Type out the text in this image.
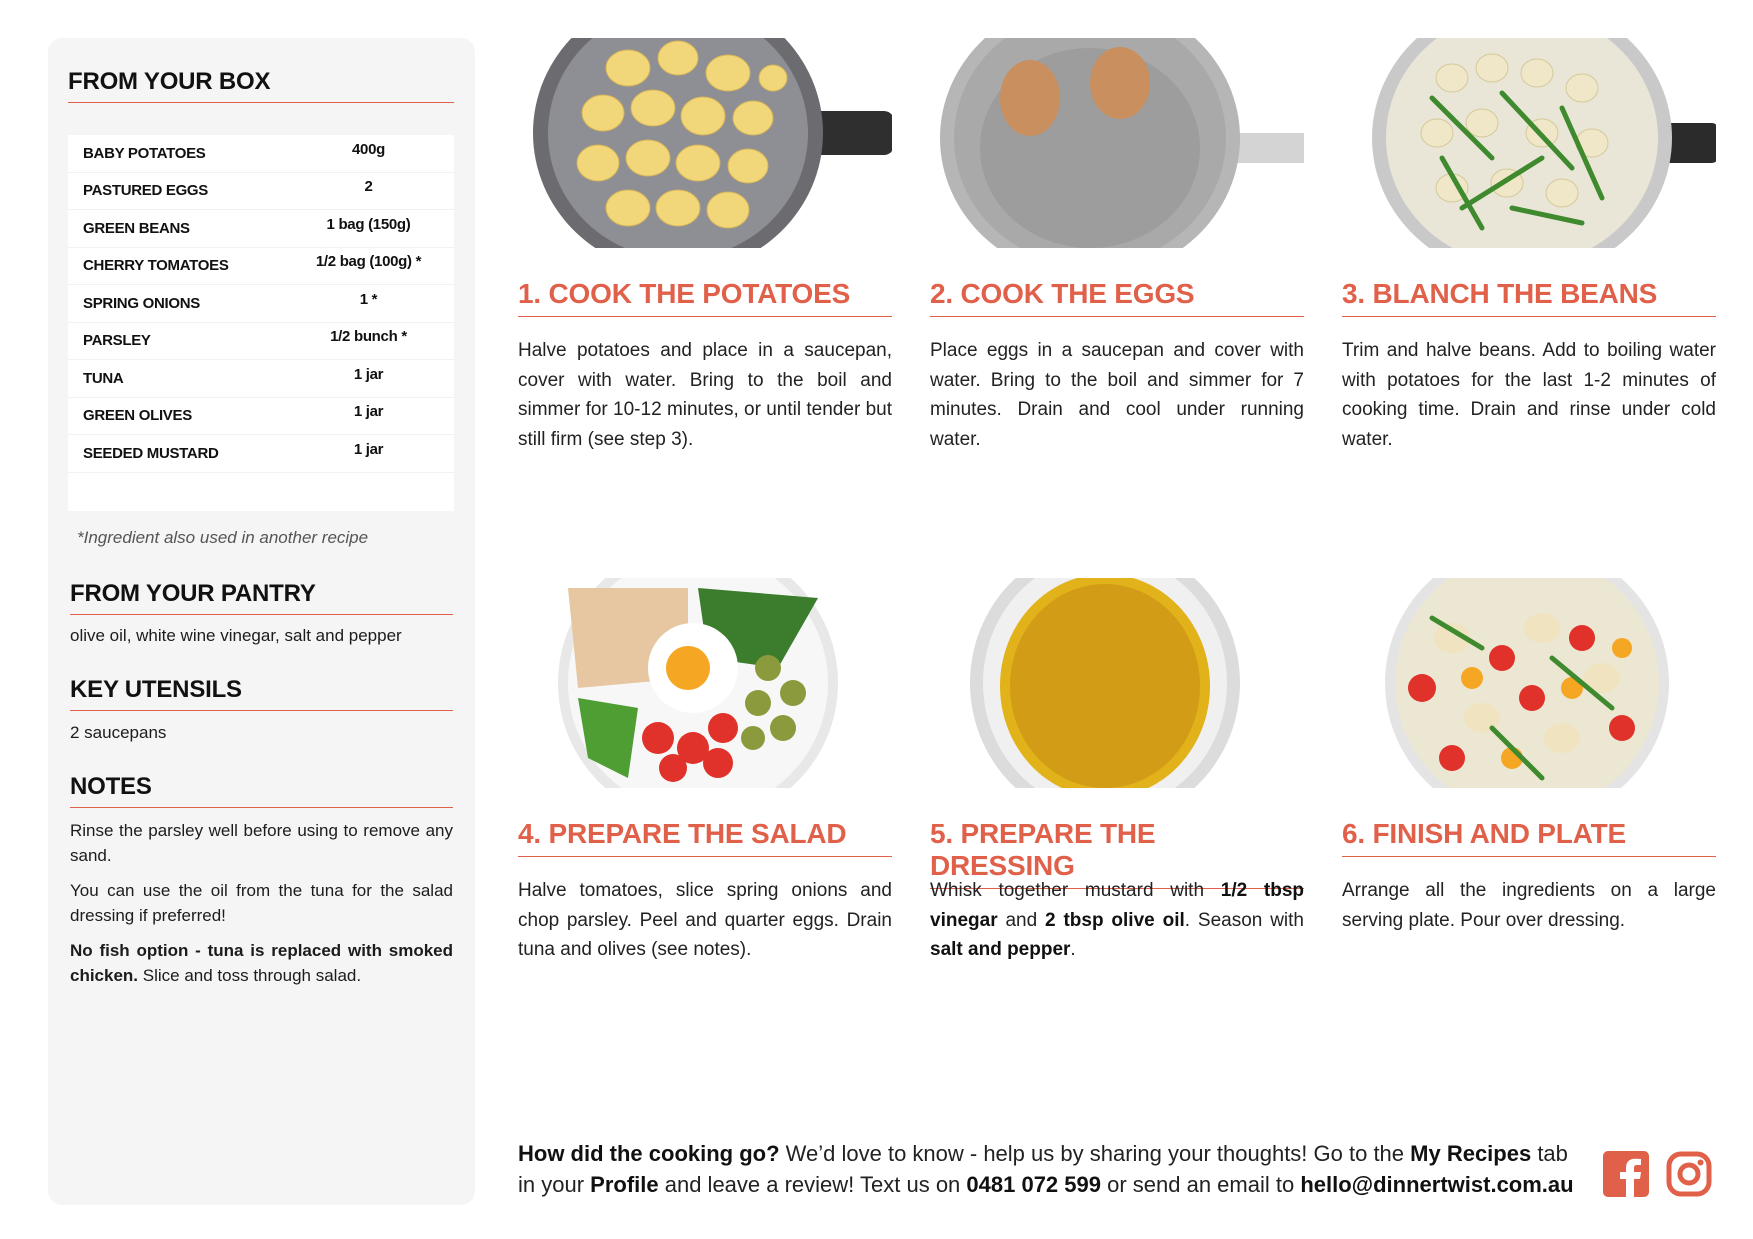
FROM YOUR BOX
BABY POTATOES	400g
PASTURED EGGS	2
GREEN BEANS	1 bag (150g)
CHERRY TOMATOES	1/2 bag (100g) *
SPRING ONIONS	1 *
PARSLEY	1/2 bunch *
TUNA	1 jar
GREEN OLIVES	1 jar
SEEDED MUSTARD	1 jar
*Ingredient also used in another recipe
FROM YOUR PANTRY
olive oil, white wine vinegar, salt and pepper
KEY UTENSILS
2 saucepans
NOTES

Rinse the parsley well before using to remove any sand.

You can use the oil from the tuna for the salad dressing if preferred!

No fish option - tuna is replaced with smoked chicken. Slice and toss through salad.

1. COOK THE POTATOES

Halve potatoes and place in a saucepan, cover with water. Bring to the boil and simmer for 10-12 minutes, or until tender but still firm (see step 3).

2. COOK THE EGGS

Place eggs in a saucepan and cover with water. Bring to the boil and simmer for 7 minutes. Drain and cool under running water.

3. BLANCH THE BEANS

Trim and halve beans. Add to boiling water with potatoes for the last 1-2 minutes of cooking time. Drain and rinse under cold water.

4. PREPARE THE SALAD

Halve tomatoes, slice spring onions and chop parsley. Peel and quarter eggs. Drain tuna and olives (see notes).

5. PREPARE THE DRESSING

Whisk together mustard with 1/2 tbsp vinegar and 2 tbsp olive oil. Season with salt and pepper.

6. FINISH AND PLATE

Arrange all the ingredients on a large serving plate. Pour over dressing.

How did the cooking go? We’d love to know - help us by sharing your thoughts! Go to the My Recipes tab in your Profile and leave a review! Text us on 0481 072 599 or send an email to hello@dinnertwist.com.au
